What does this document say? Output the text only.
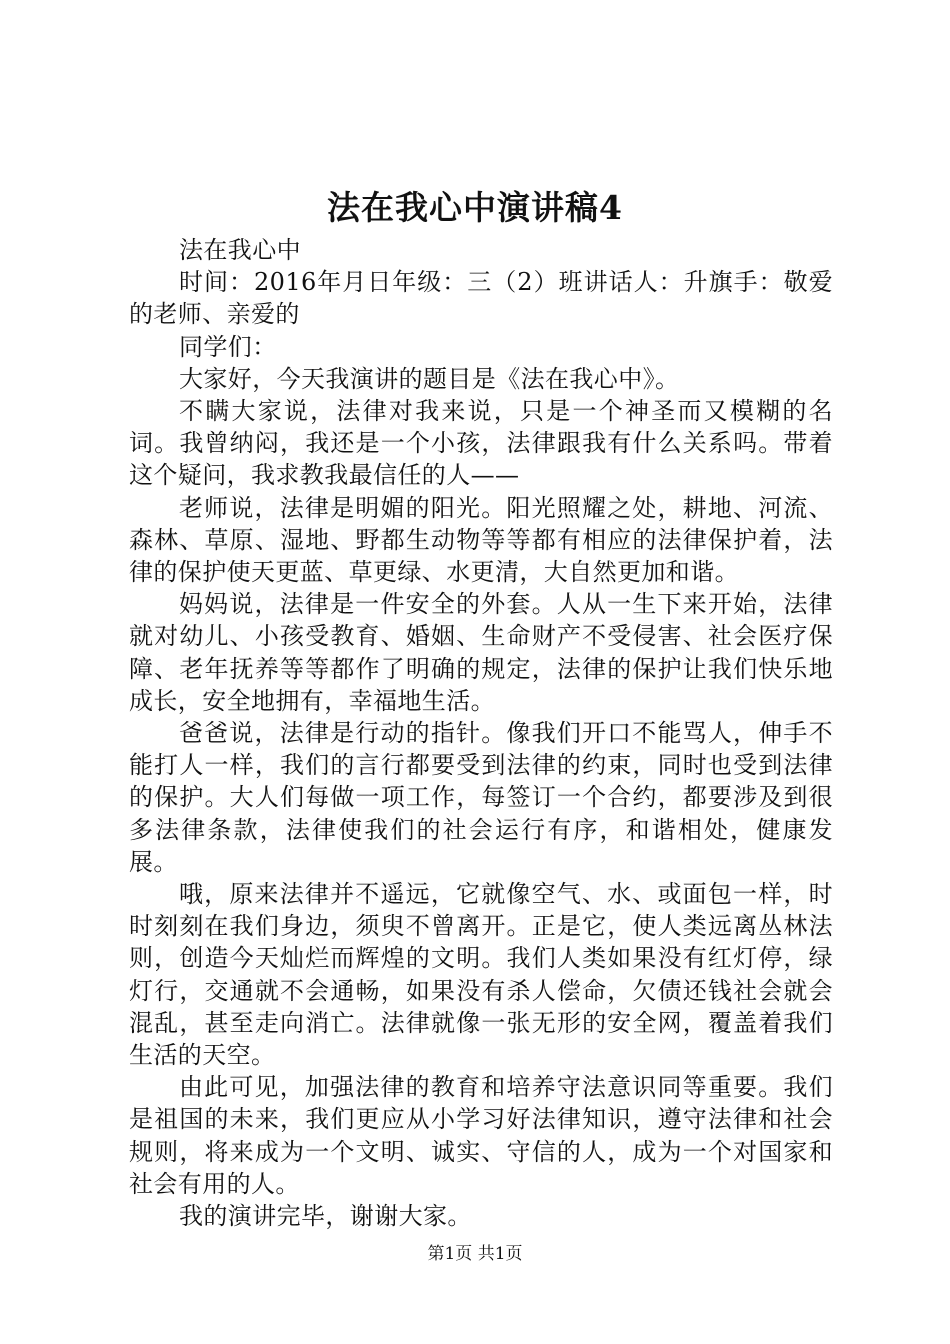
法在我心中演讲稿4

法在我心中

时间：2016年月日年级：三（2）班讲话人：升旗手：敬爱的老师、亲爱的

同学们：

大家好，今天我演讲的题目是《法在我心中》。

不瞒大家说，法律对我来说，只是一个神圣而又模糊的名词。我曾纳闷，我还是一个小孩，法律跟我有什么关系吗。带着这个疑问，我求教我最信任的人——

老师说，法律是明媚的阳光。阳光照耀之处，耕地、河流、森林、草原、湿地、野都生动物等等都有相应的法律保护着，法律的保护使天更蓝、草更绿、水更清，大自然更加和谐。

妈妈说，法律是一件安全的外套。人从一生下来开始，法律就对幼儿、小孩受教育、婚姻、生命财产不受侵害、社会医疗保障、老年抚养等等都作了明确的规定，法律的保护让我们快乐地成长，安全地拥有，幸福地生活。

爸爸说，法律是行动的指针。像我们开口不能骂人，伸手不能打人一样，我们的言行都要受到法律的约束，同时也受到法律的保护。大人们每做一项工作，每签订一个合约，都要涉及到很多法律条款，法律使我们的社会运行有序，和谐相处，健康发展。

哦，原来法律并不遥远，它就像空气、水、或面包一样，时时刻刻在我们身边，须臾不曾离开。正是它，使人类远离丛林法则，创造今天灿烂而辉煌的文明。我们人类如果没有红灯停，绿灯行，交通就不会通畅，如果没有杀人偿命，欠债还钱社会就会混乱，甚至走向消亡。法律就像一张无形的安全网，覆盖着我们生活的天空。

由此可见，加强法律的教育和培养守法意识同等重要。我们是祖国的未来，我们更应从小学习好法律知识，遵守法律和社会规则，将来成为一个文明、诚实、守信的人，成为一个对国家和社会有用的人。

我的演讲完毕，谢谢大家。

第1页 共1页
